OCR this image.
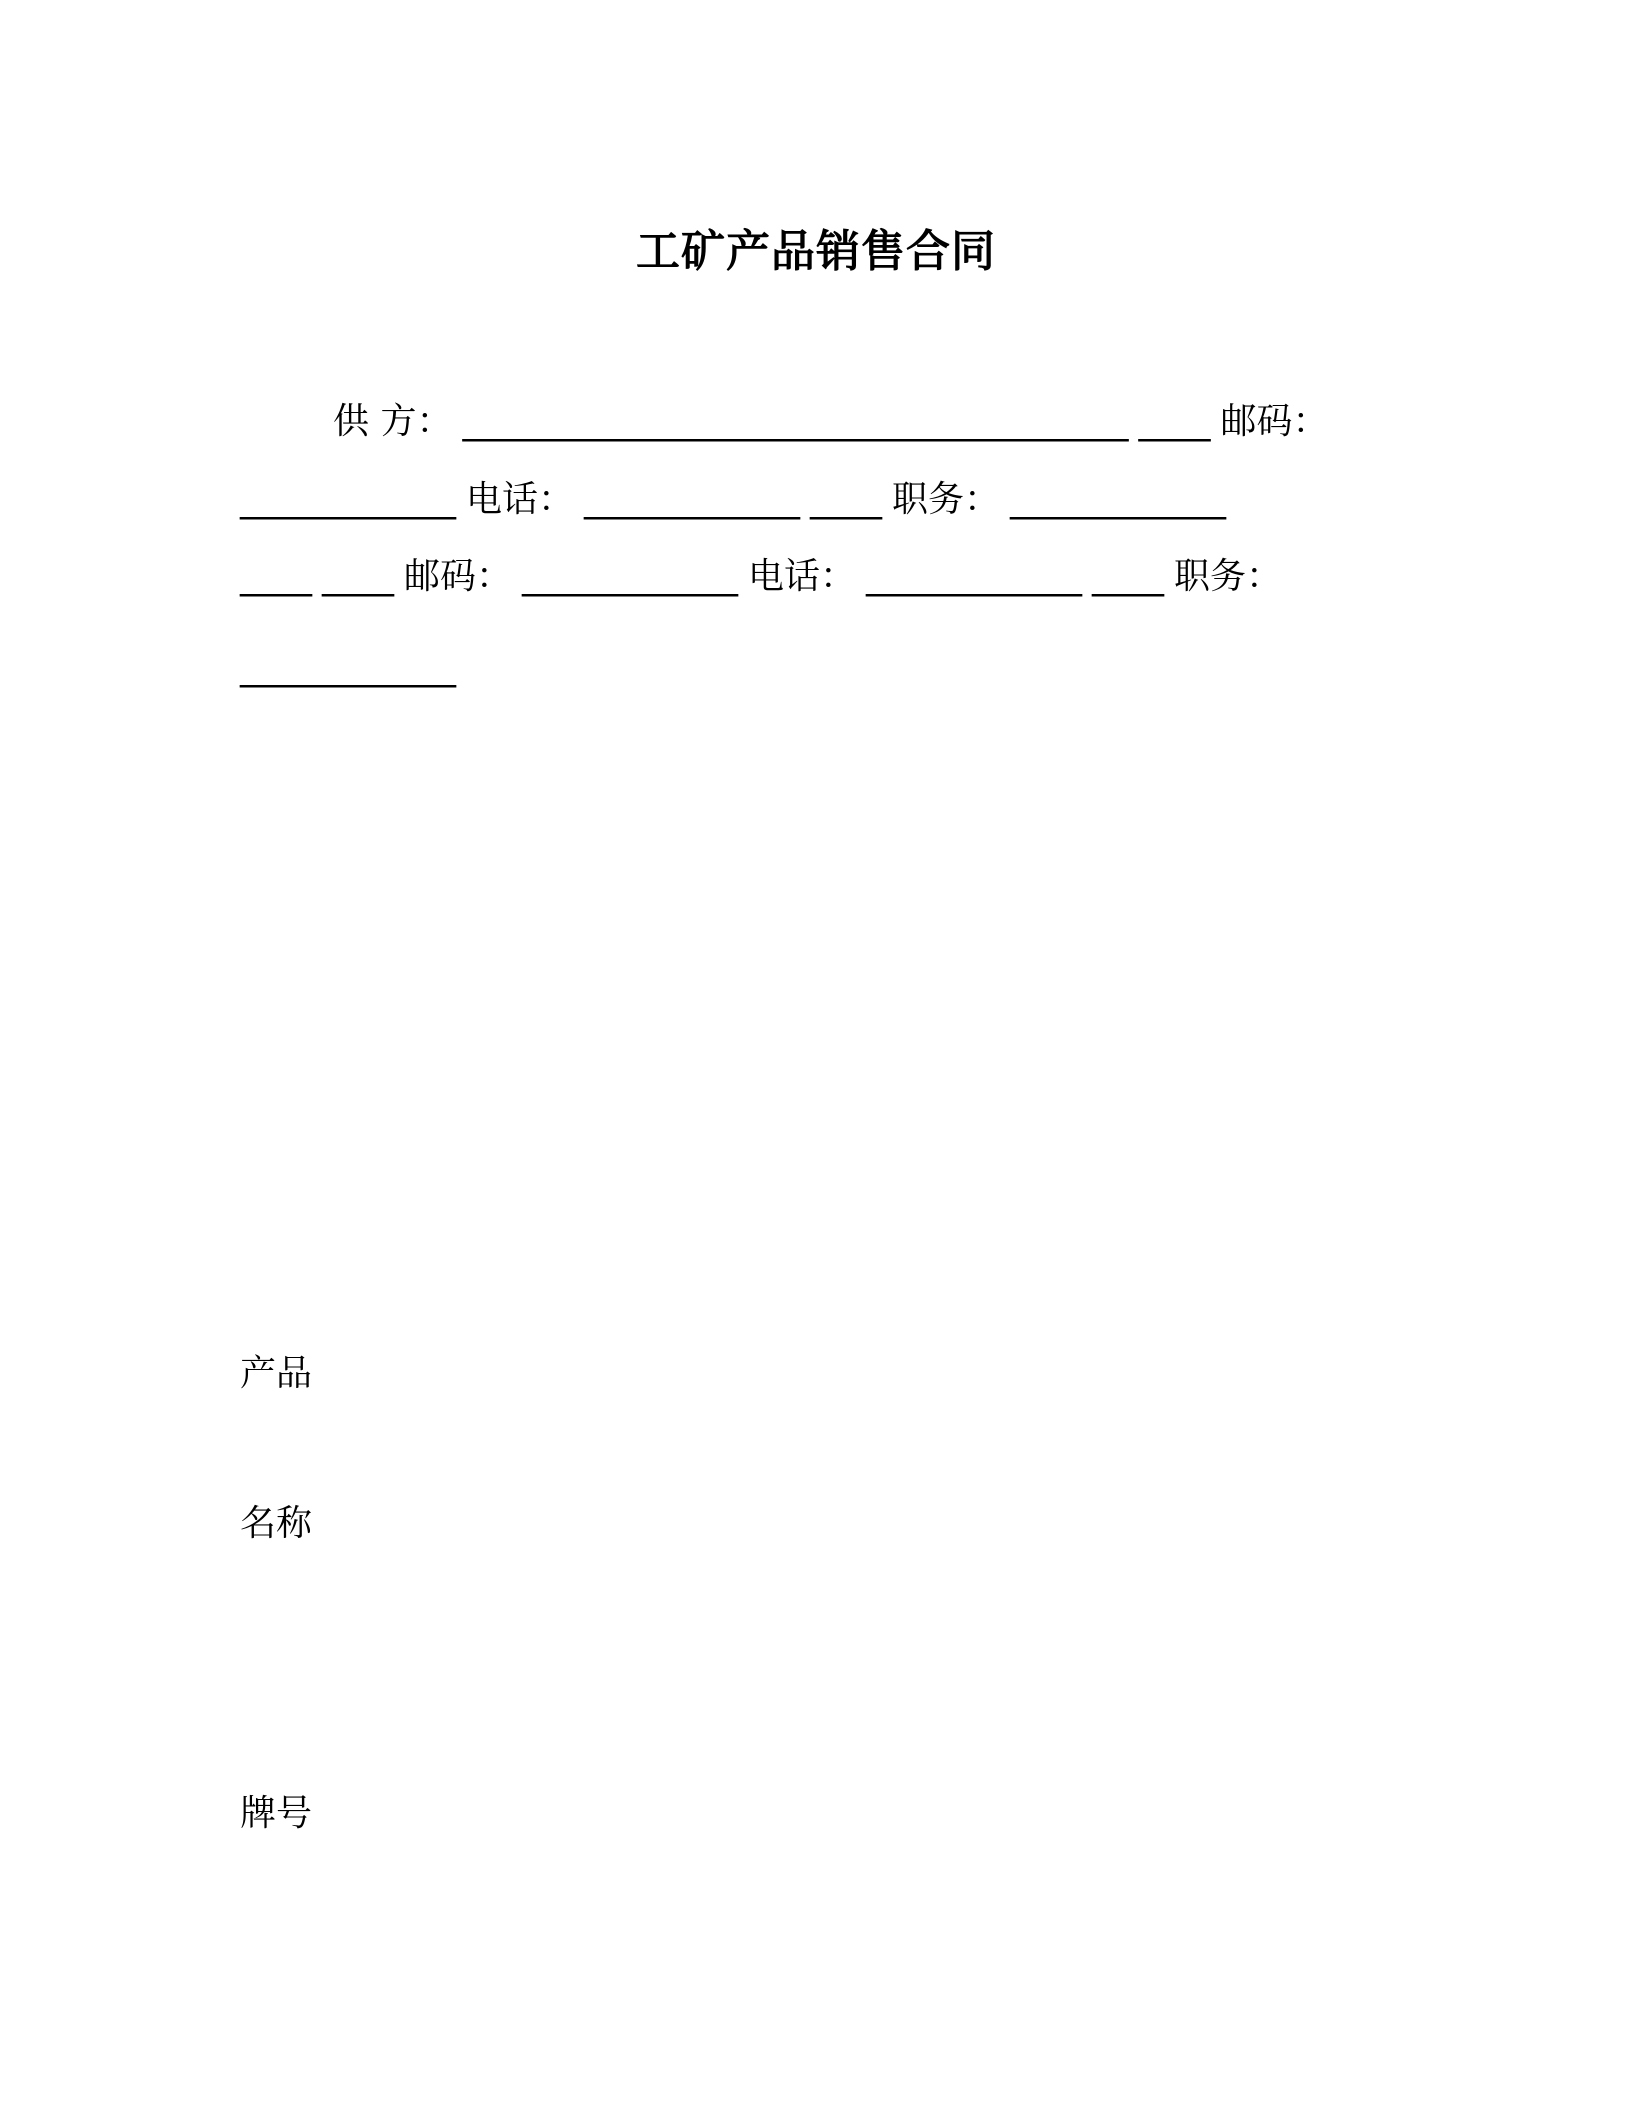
工矿产品销售合同
供 方： _____________________________________ ____ 邮码：
____________ 电话： ____________ ____ 职务： ____________
____ ____ 邮码： ____________ 电话： ____________ ____ 职务：
____________
产品
名称
牌号
